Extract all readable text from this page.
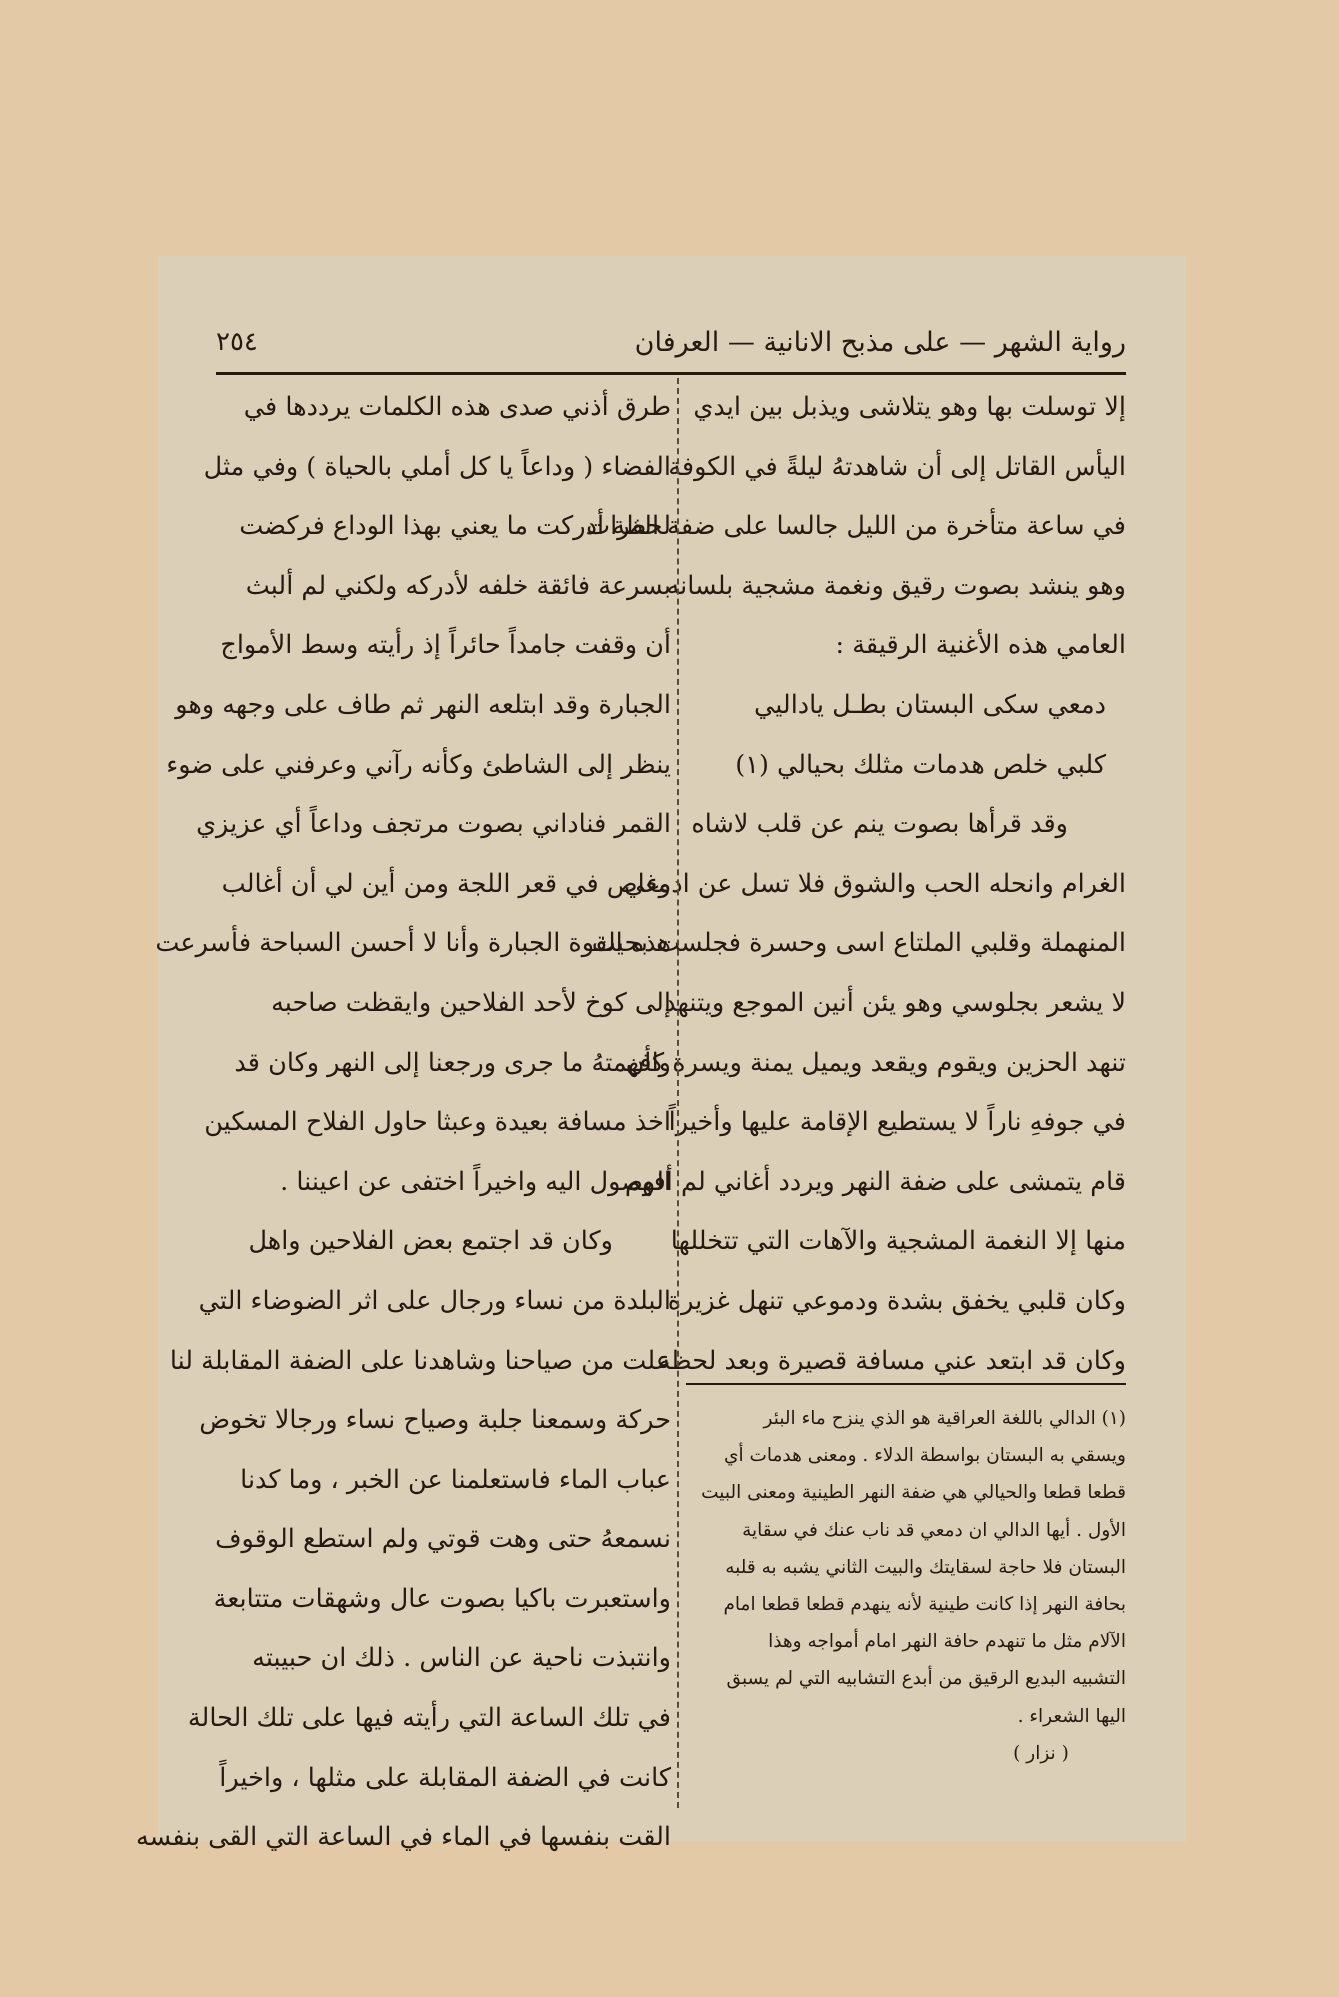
رواية الشهر — على مذبح الانانية — العرفان
٢٥٤
إلا توسلت بها وهو يتلاشى ويذبل بين ايدي
اليأس القاتل إلى أن شاهدتهُ ليلةً في الكوفة
في ساعة متأخرة من الليل جالسا على ضفة الفرات
وهو ينشد بصوت رقيق ونغمة مشجية بلسانه
العامي هذه الأغنية الرقيقة :
دمعي سكى البستان بطـل ياداليي
كلبي خلص هدمات مثلك بحيالي (١)
وقد قرأها بصوت ينم عن قلب لاشاه
الغرام وانحله الحب والشوق فلا تسل عن ادمعي
المنهملة وقلبي الملتاع اسى وحسرة فجلست بحيث
لا يشعر بجلوسي وهو يئن أنين الموجع ويتنهد
تنهد الحزين ويقوم ويقعد ويميل يمنة ويسرة كأن
في جوفهِ ناراً لا يستطيع الإقامة عليها وأخيراً
قام يتمشى على ضفة النهر ويردد أغاني لم أفهم
منها إلا النغمة المشجية والآهات التي تتخللها
وكان قلبي يخفق بشدة ودموعي تنهل غزيرة
وكان قد ابتعد عني مسافة قصيرة وبعد لحظة
طرق أذني صدى هذه الكلمات يرددها في
الفضاء ( وداعاً يا كل أملي بالحياة ) وفي مثل
لحظة أدركت ما يعني بهذا الوداع فركضت
بسرعة فائقة خلفه لأدركه ولكني لم ألبث
أن وقفت جامداً حائراً إذ رأيته وسط الأمواج
الجبارة وقد ابتلعه النهر ثم طاف على وجهه وهو
ينظر إلى الشاطئ وكأنه رآني وعرفني على ضوء
القمر فناداني بصوت مرتجف وداعاً أي عزيزي
وغاص في قعر اللجة ومن أين لي أن أغالب
هذه القوة الجبارة وأنا لا أحسن السباحة فأسرعت
إلى كوخ لأحد الفلاحين وايقظت صاحبه
وافهمتهُ ما جرى ورجعنا إلى النهر وكان قد
اخذ مسافة بعيدة وعبثا حاول الفلاح المسكين
الوصول اليه واخيراً اختفى عن اعيننا .
وكان قد اجتمع بعض الفلاحين واهل
البلدة من نساء ورجال على اثر الضوضاء التي
علت من صياحنا وشاهدنا على الضفة المقابلة لنا
حركة وسمعنا جلبة وصياح نساء ورجالا تخوض
عباب الماء فاستعلمنا عن الخبر ، وما كدنا
نسمعهُ حتى وهت قوتي ولم استطع الوقوف
واستعبرت باكيا بصوت عال وشهقات متتابعة
وانتبذت ناحية عن الناس . ذلك ان حبيبته
في تلك الساعة التي رأيته فيها على تلك الحالة
كانت في الضفة المقابلة على مثلها ، واخيراً
القت بنفسها في الماء في الساعة التي القى بنفسه
(١) الدالي باللغة العراقية هو الذي ينزح ماء البئر
ويسقي به البستان بواسطة الدلاء . ومعنى هدمات أي
قطعا قطعا والحيالي هي ضفة النهر الطينية ومعنى البيت
الأول . أيها الدالي ان دمعي قد ناب عنك في سقاية
البستان فلا حاجة لسقايتك والبيت الثاني يشبه به قلبه
بحافة النهر إذا كانت طينية لأنه ينهدم قطعا قطعا امام
الآلام مثل ما تنهدم حافة النهر امام أمواجه وهذا
التشبيه البديع الرقيق من أبدع التشابيه التي لم يسبق
اليها الشعراء .
( نزار )
